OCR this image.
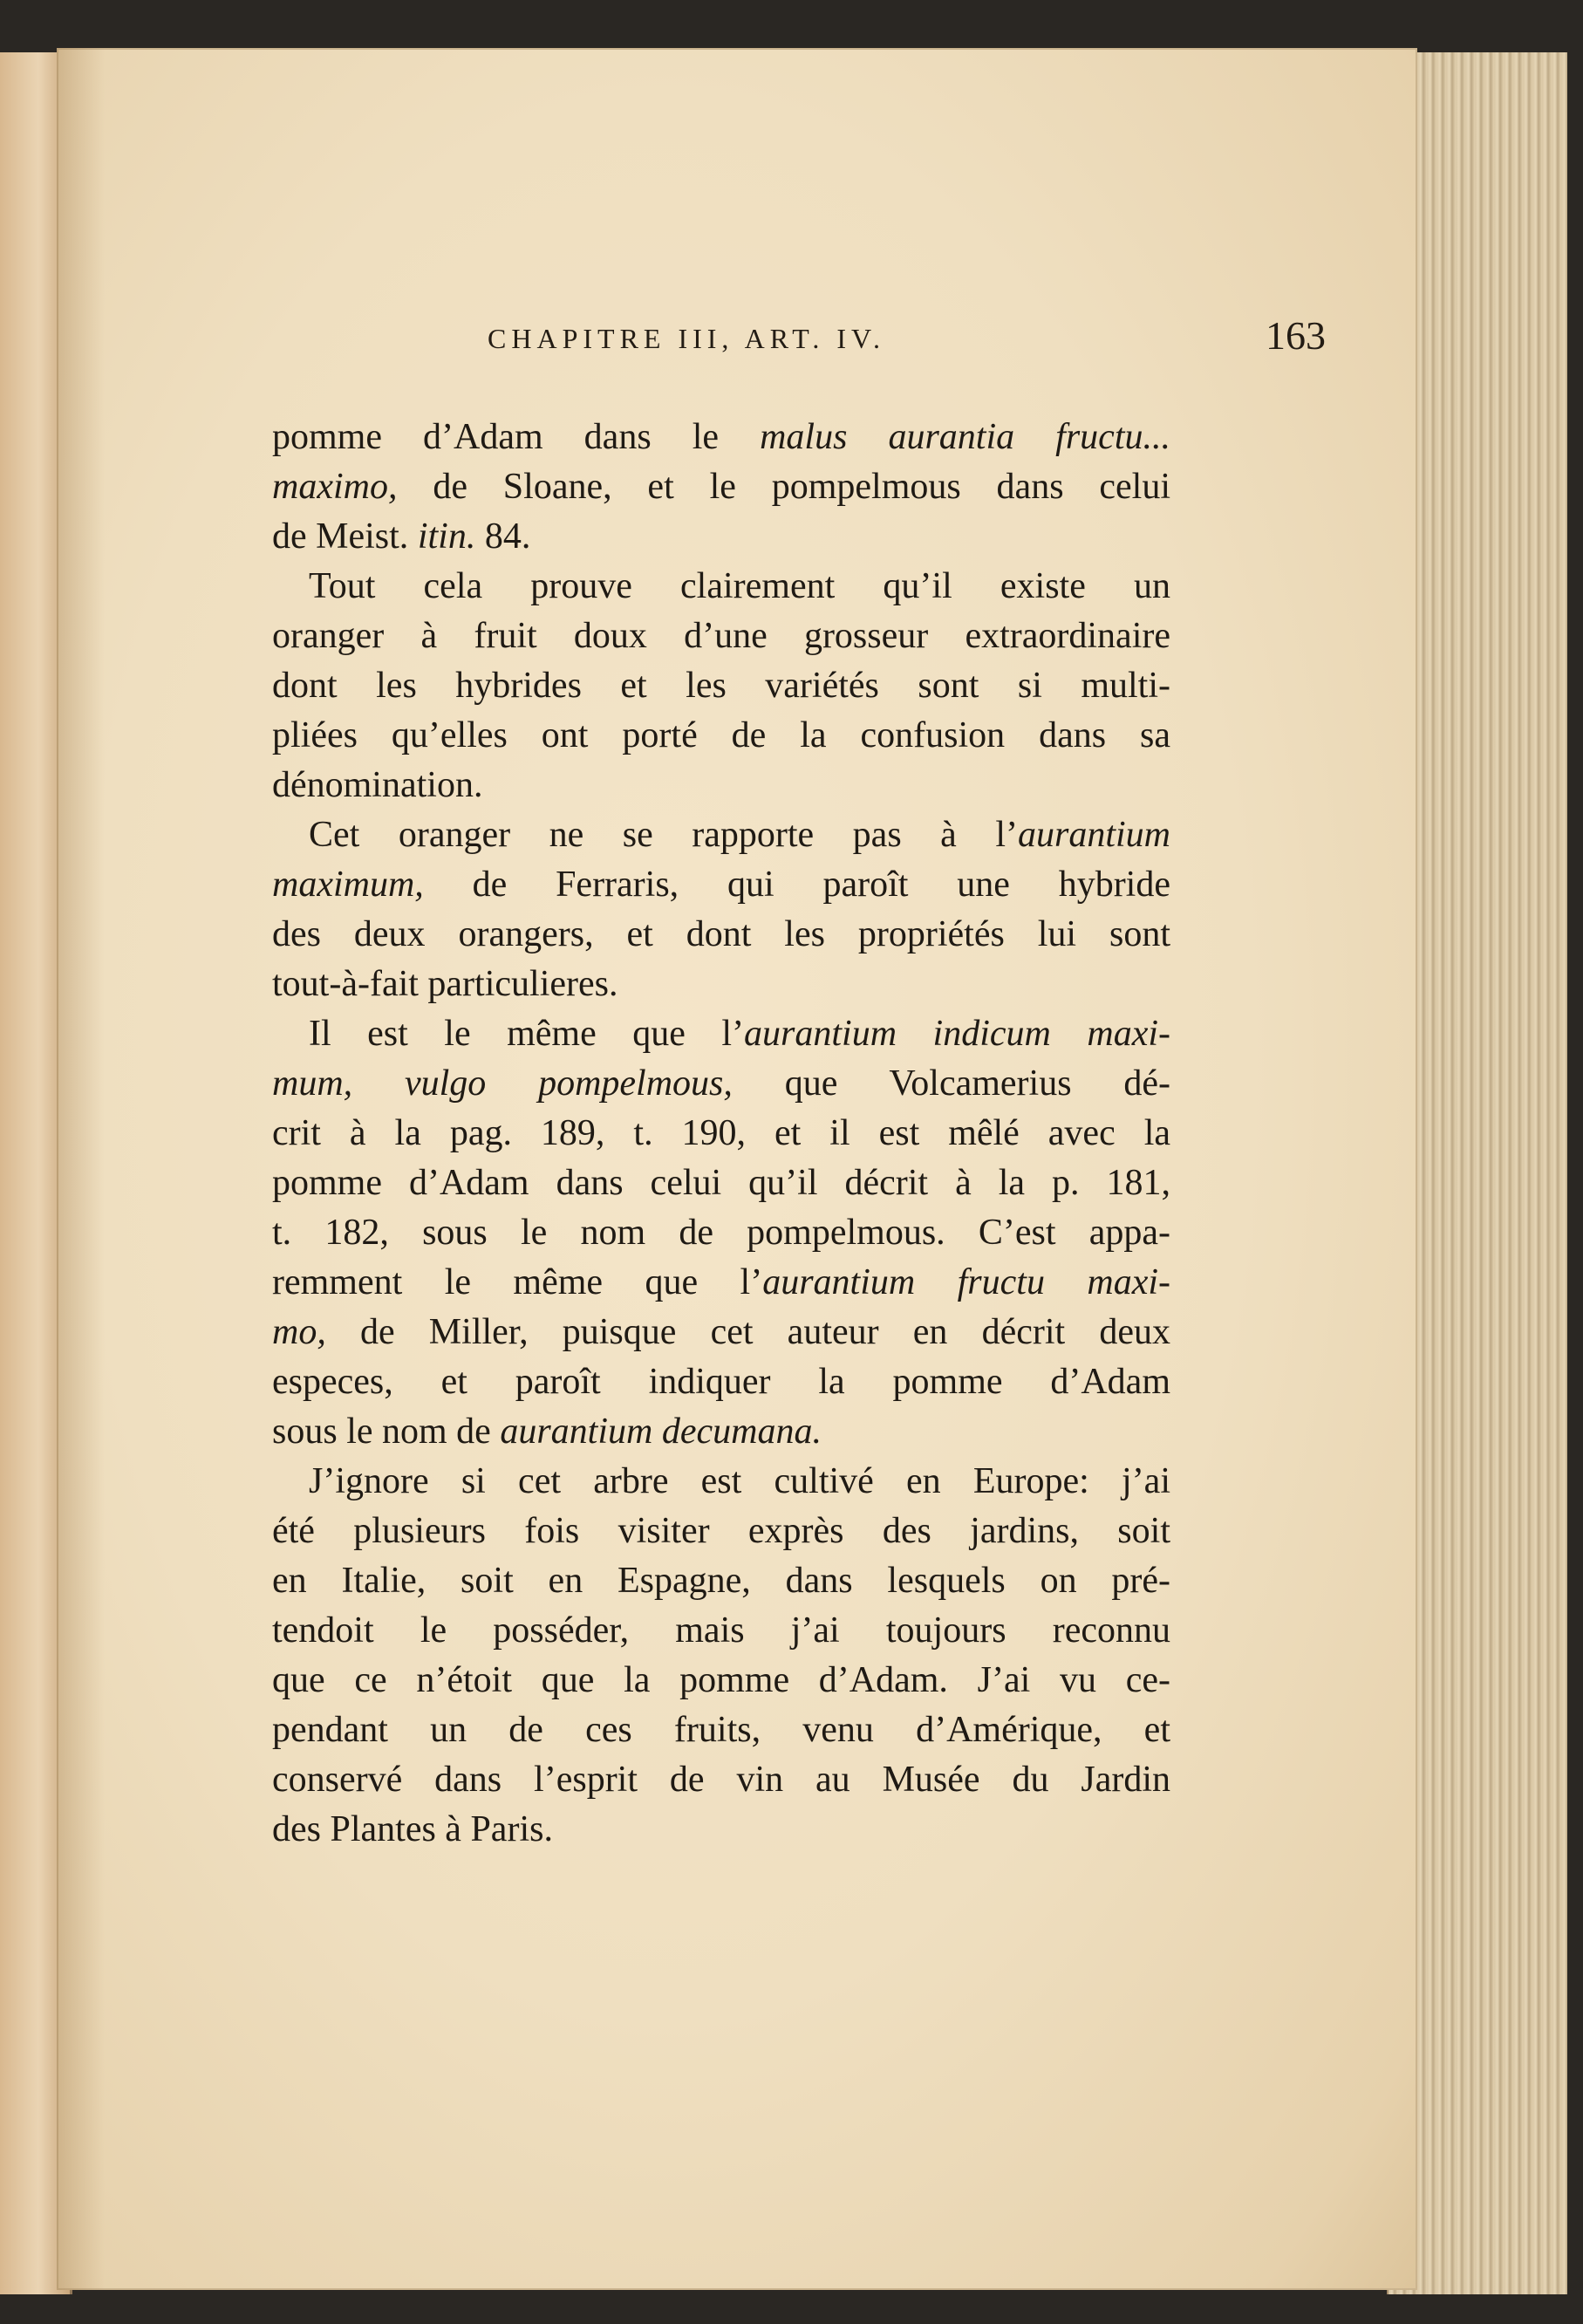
CHAPITRE III, ART. IV.	163
pomme d’Adam dans le malus aurantia fructu...
maximo, de Sloane, et le pompelmous dans celui
de Meist. itin. 84.
Tout cela prouve clairement qu’il existe un
oranger à fruit doux d’une grosseur extraordinaire
dont les hybrides et les variétés sont si multi-
pliées qu’elles ont porté de la confusion dans sa
dénomination.
Cet oranger ne se rapporte pas à l’aurantium
maximum, de Ferraris, qui paroît une hybride
des deux orangers, et dont les propriétés lui sont
tout-à-fait particulieres.
Il est le même que l’aurantium indicum maxi-
mum, vulgo pompelmous, que Volcamerius dé-
crit à la pag. 189, t. 190, et il est mêlé avec la
pomme d’Adam dans celui qu’il décrit à la p. 181,
t. 182, sous le nom de pompelmous. C’est appa-
remment le même que l’aurantium fructu maxi-
mo, de Miller, puisque cet auteur en décrit deux
especes, et paroît indiquer la pomme d’Adam
sous le nom de aurantium decumana.
J’ignore si cet arbre est cultivé en Europe: j’ai
été plusieurs fois visiter exprès des jardins, soit
en Italie, soit en Espagne, dans lesquels on pré-
tendoit le posséder, mais j’ai toujours reconnu
que ce n’étoit que la pomme d’Adam. J’ai vu ce-
pendant un de ces fruits, venu d’Amérique, et
conservé dans l’esprit de vin au Musée du Jardin
des Plantes à Paris.
